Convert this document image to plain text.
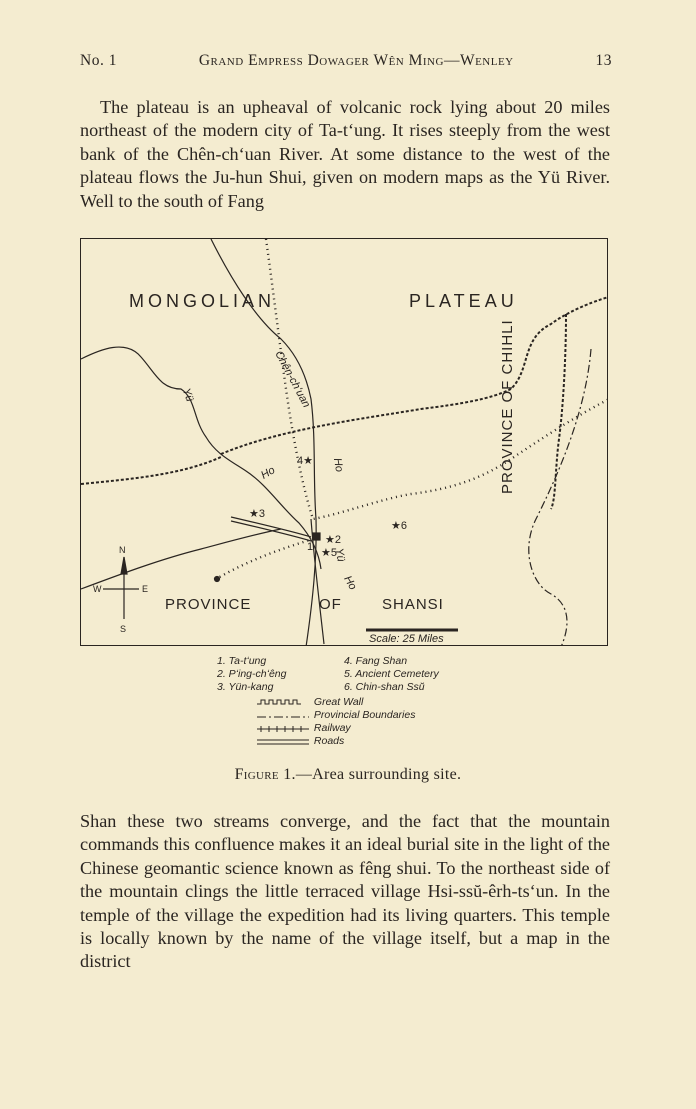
No. 1	Grand Empress Dowager Wên Ming—Wenley	13

The plateau is an upheaval of volcanic rock lying about 20 miles northeast of the modern city of Ta-tʻung. It rises steeply from the west bank of the Chên-chʻuan River. At some distance to the west of the plateau flows the Ju-hun Shui, given on modern maps as the Yü River. Well to the south of Fang

MONGOLIAN	PLATEAU
PROVINCE	OF	SHANSI
PROVINCE OF CHIHLI
Yü	Chên-chʻuan
Ho	Ho
Ho
Yü
Scale: 25 Miles
N
S
E
W
1
★2
★3
4★
★5
★6
1. Ta-tʻung	4. Fang Shan
2. Pʻing-chʻêng	5. Ancient Cemetery
3. Yün-kang	6. Chin-shan Ssŭ
Great Wall
Provincial Boundaries
Railway
Roads
Figure 1.—Area surrounding site.

Shan these two streams converge, and the fact that the mountain commands this confluence makes it an ideal burial site in the light of the Chinese geomantic science known as fêng shui. To the northeast side of the mountain clings the little terraced village Hsi-ssŭ-êrh-ts‘un. In the temple of the village the expedition had its living quarters. This temple is locally known by the name of the village itself, but a map in the district
